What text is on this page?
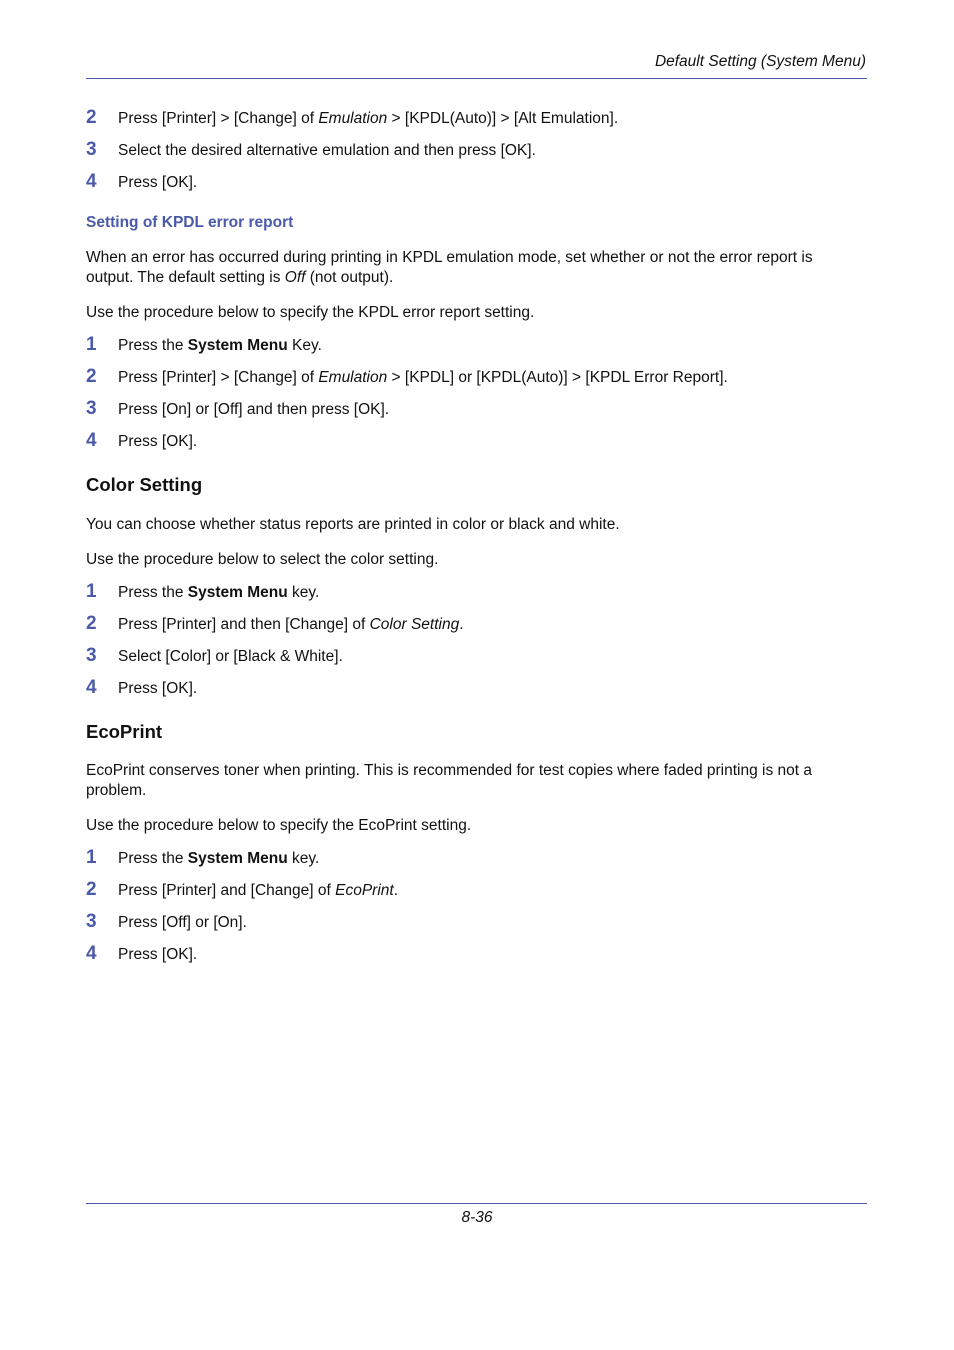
Default Setting (System Menu)
2 Press [Printer] > [Change] of Emulation > [KPDL(Auto)] > [Alt Emulation].
3 Select the desired alternative emulation and then press [OK].
4 Press [OK].
Setting of KPDL error report

When an error has occurred during printing in KPDL emulation mode, set whether or not the error report is output. The default setting is Off (not output).

Use the procedure below to specify the KPDL error report setting.

1 Press the System Menu Key.
2 Press [Printer] > [Change] of Emulation > [KPDL] or [KPDL(Auto)] > [KPDL Error Report].
3 Press [On] or [Off] and then press [OK].
4 Press [OK].
Color Setting

You can choose whether status reports are printed in color or black and white.

Use the procedure below to select the color setting.

1 Press the System Menu key.
2 Press [Printer] and then [Change] of Color Setting.
3 Select [Color] or [Black & White].
4 Press [OK].
EcoPrint

EcoPrint conserves toner when printing. This is recommended for test copies where faded printing is not a problem.

Use the procedure below to specify the EcoPrint setting.

1 Press the System Menu key.
2 Press [Printer] and [Change] of EcoPrint.
3 Press [Off] or [On].
4 Press [OK].
8-36
